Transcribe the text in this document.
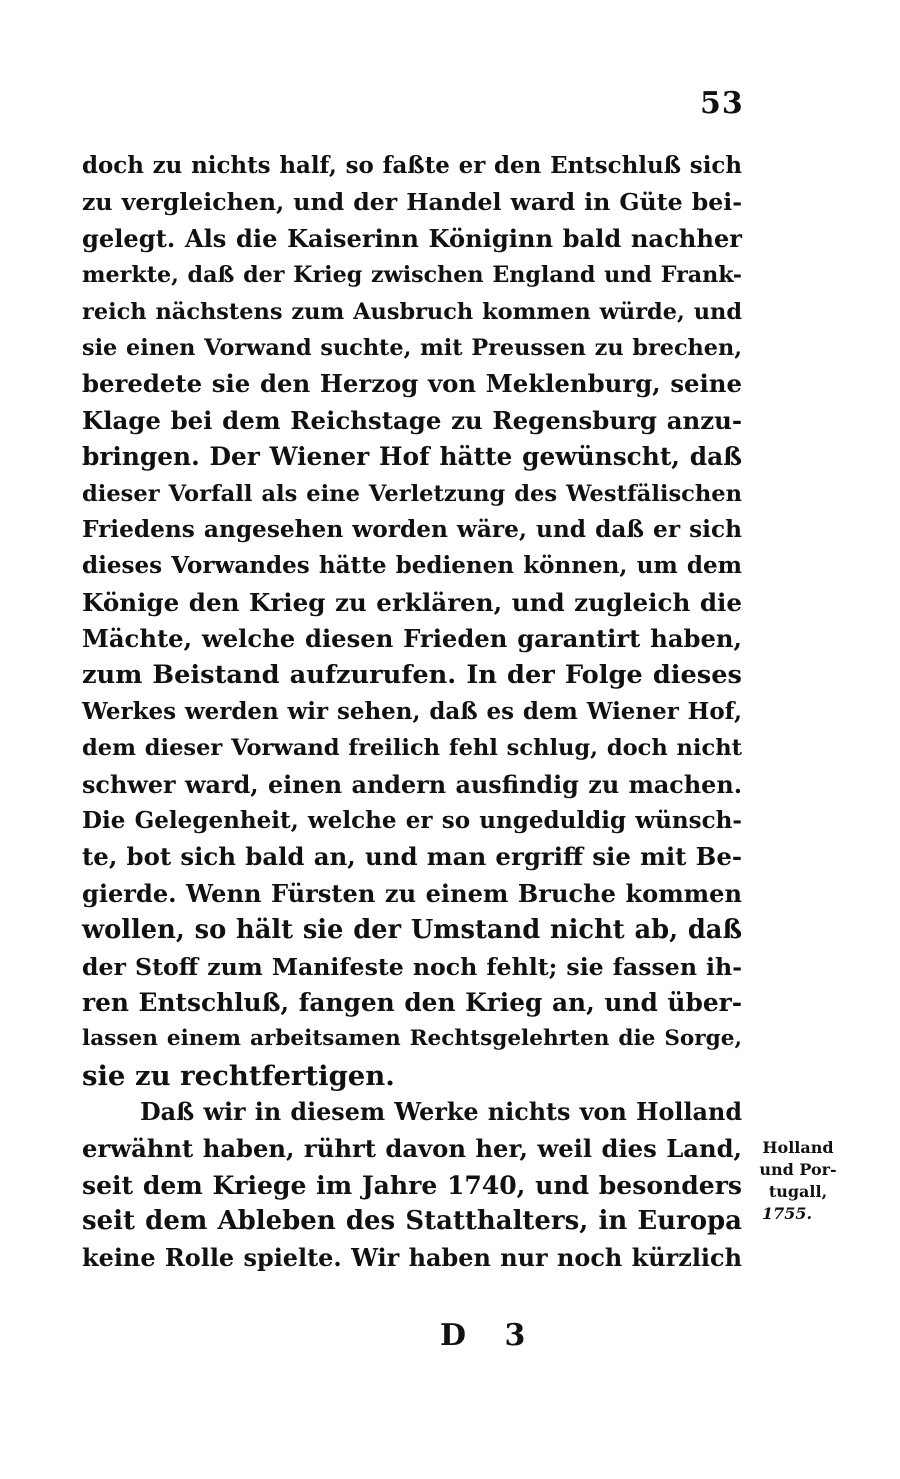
53
doch zu nichts half, so faßte er den Entschluß sich
zu vergleichen, und der Handel ward in Güte bei-
gelegt. Als die Kaiserinn Königinn bald nachher
merkte, daß der Krieg zwischen England und Frank-
reich nächstens zum Ausbruch kommen würde, und
sie einen Vorwand suchte, mit Preussen zu brechen,
beredete sie den Herzog von Meklenburg, seine
Klage bei dem Reichstage zu Regensburg anzu-
bringen. Der Wiener Hof hätte gewünscht, daß
dieser Vorfall als eine Verletzung des Westfälischen
Friedens angesehen worden wäre, und daß er sich
dieses Vorwandes hätte bedienen können, um dem
Könige den Krieg zu erklären, und zugleich die
Mächte, welche diesen Frieden garantirt haben,
zum Beistand aufzurufen. In der Folge dieses
Werkes werden wir sehen, daß es dem Wiener Hof,
dem dieser Vorwand freilich fehl schlug, doch nicht
schwer ward, einen andern ausfindig zu machen.
Die Gelegenheit, welche er so ungeduldig wünsch-
te, bot sich bald an, und man ergriff sie mit Be-
gierde. Wenn Fürsten zu einem Bruche kommen
wollen, so hält sie der Umstand nicht ab, daß
der Stoff zum Manifeste noch fehlt; sie fassen ih-
ren Entschluß, fangen den Krieg an, und über-
lassen einem arbeitsamen Rechtsgelehrten die Sorge,
sie zu rechtfertigen.
Daß wir in diesem Werke nichts von Holland
erwähnt haben, rührt davon her, weil dies Land,
seit dem Kriege im Jahre 1740, und besonders
seit dem Ableben des Statthalters, in Europa
keine Rolle spielte. Wir haben nur noch kürzlich
Holland
und Por-
tugall,
1755.
D 3
